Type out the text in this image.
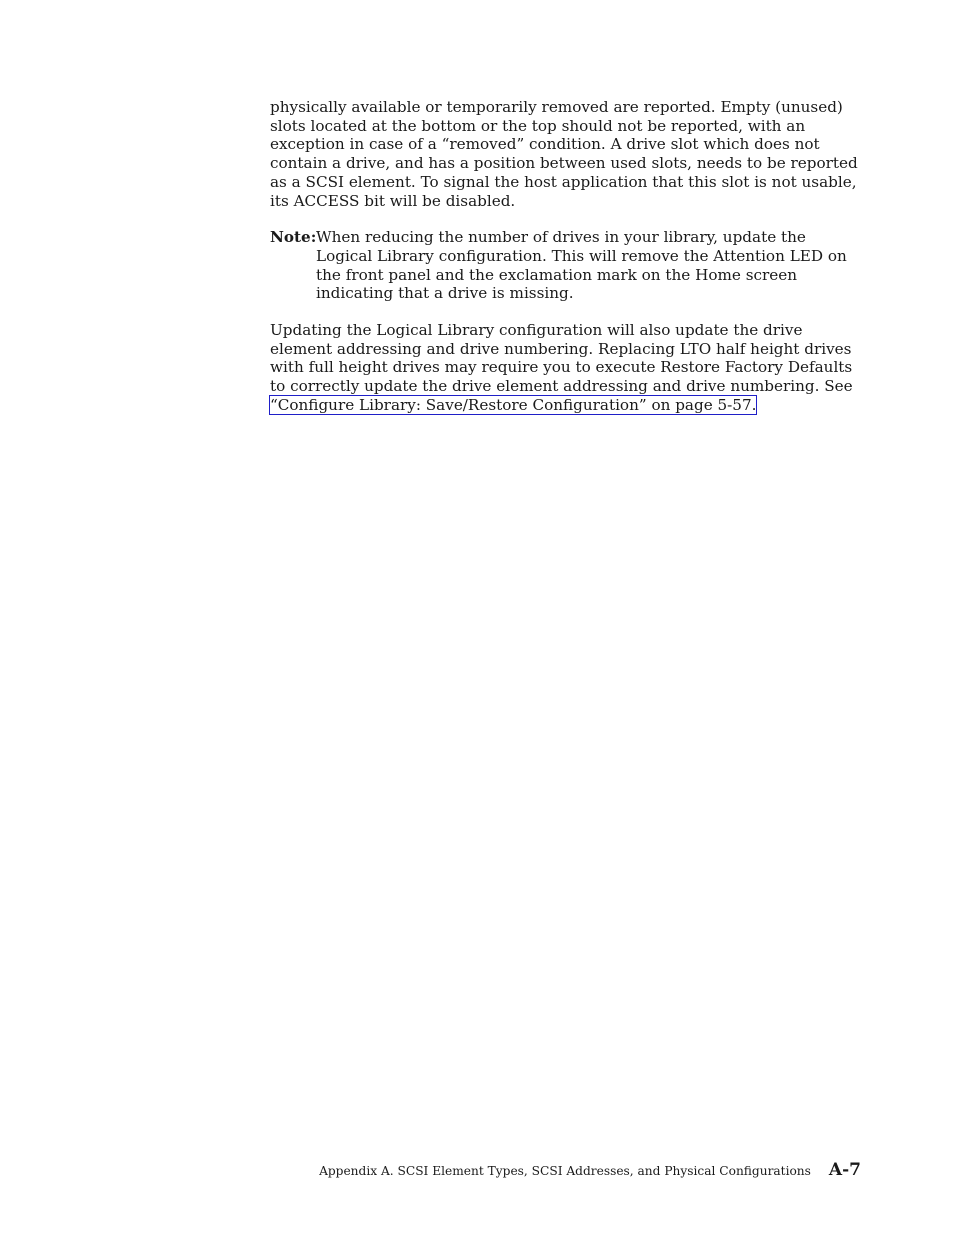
physically available or temporarily removed are reported. Empty (unused) slots located at the bottom or the top should not be reported, with an exception in case of a “removed” condition. A drive slot which does not contain a drive, and has a position between used slots, needs to be reported as a SCSI element. To signal the host application that this slot is not usable, its ACCESS bit will be disabled.

Note: When reducing the number of drives in your library, update the Logical Library configuration. This will remove the Attention LED on the front panel and the exclamation mark on the Home screen indicating that a drive is missing.

Updating the Logical Library configuration will also update the drive element addressing and drive numbering. Replacing LTO half height drives with full height drives may require you to execute Restore Factory Defaults to correctly update the drive element addressing and drive numbering. See “Configure Library: Save/Restore Configuration” on page 5-57.

Appendix A. SCSI Element Types, SCSI Addresses, and Physical Configurations A-7
